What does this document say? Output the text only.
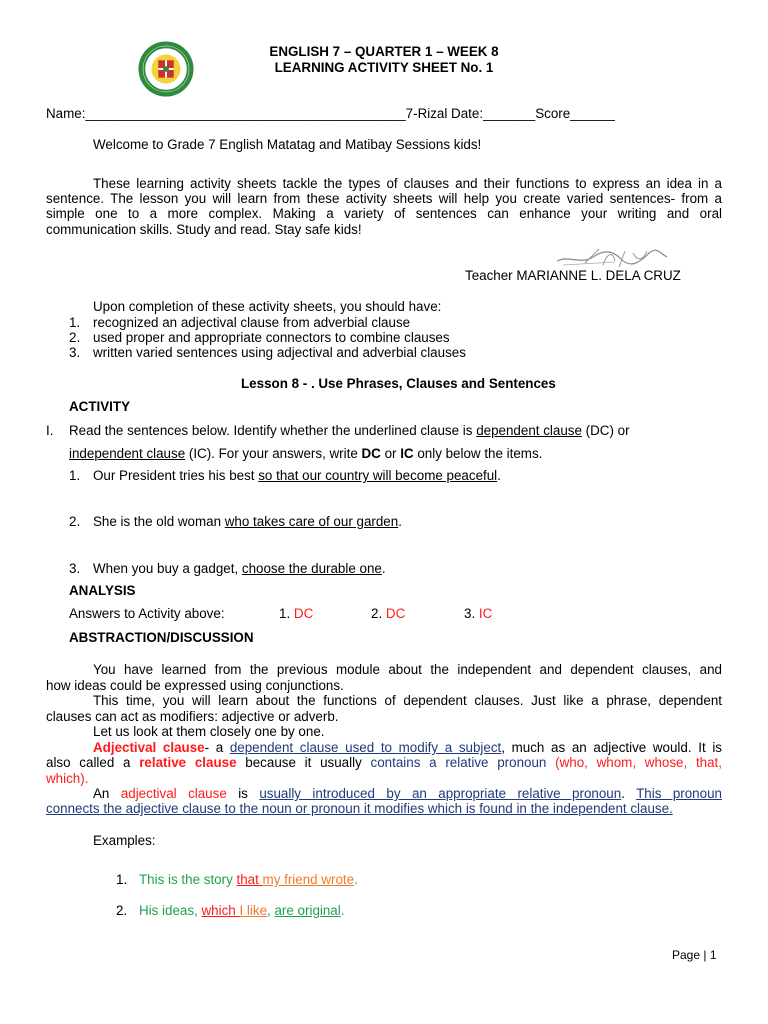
ENGLISH 7 – QUARTER 1 – WEEK 8
LEARNING ACTIVITY SHEET No. 1
Name:___________________________________________7-Rizal Date:_______Score______
Welcome to Grade 7 English Matatag and Matibay Sessions kids!
These learning activity sheets tackle the types of clauses and their functions to express an idea in a
sentence. The lesson you will learn from these activity sheets will help you create varied sentences- from a
simple one to a more complex. Making a variety of sentences can enhance your writing and oral
communication skills. Study and read. Stay safe kids!
Teacher MARIANNE L. DELA CRUZ
Upon completion of these activity sheets, you should have:
1. recognized an adjectival clause from adverbial clause
2. used proper and appropriate connectors to combine clauses
3. written varied sentences using adjectival and adverbial clauses
Lesson 8 - . Use Phrases, Clauses and Sentences
ACTIVITY
I. Read the sentences below. Identify whether the underlined clause is dependent clause (DC) or
independent clause (IC). For your answers, write DC or IC only below the items.
1. Our President tries his best so that our country will become peaceful.
2. She is the old woman who takes care of our garden.
3. When you buy a gadget, choose the durable one.
ANALYSIS
Answers to Activity above:	1. DC	2. DC	3. IC
ABSTRACTION/DISCUSSION
You have learned from the previous module about the independent and dependent clauses, and
how ideas could be expressed using conjunctions.
This time, you will learn about the functions of dependent clauses. Just like a phrase, dependent
clauses can act as modifiers: adjective or adverb.
Let us look at them closely one by one.
Adjectival clause- a dependent clause used to modify a subject, much as an adjective would. It is
also called a relative clause because it usually contains a relative pronoun (who, whom, whose, that,
which).
An adjectival clause is usually introduced by an appropriate relative pronoun. This pronoun
connects the adjective clause to the noun or pronoun it modifies which is found in the independent clause.
Examples:
1. This is the story that my friend wrote.
2. His ideas, which I like, are original.
Page | 1
